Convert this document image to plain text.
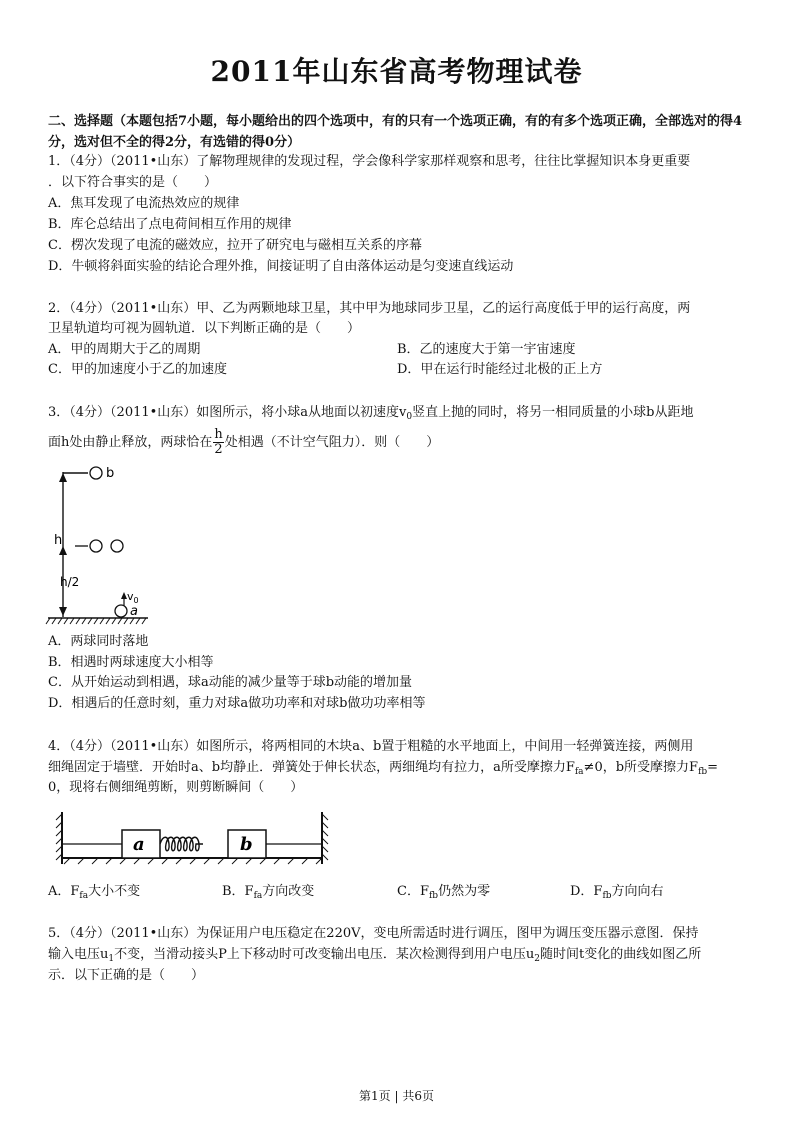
2011年山东省高考物理试卷
二、选择题（本题包括7小题，每小题给出的四个选项中，有的只有一个选项正确，有的有多个选项正确，全部选对的得4分，选对但不全的得2分，有选错的得0分）
1．（4分）（2011•山东）了解物理规律的发现过程，学会像科学家那样观察和思考，往往比掌握知识本身更重要
．以下符合事实的是（　　）
A．焦耳发现了电流热效应的规律
B．库仑总结出了点电荷间相互作用的规律
C．楞次发现了电流的磁效应，拉开了研究电与磁相互关系的序幕
D．牛顿将斜面实验的结论合理外推，间接证明了自由落体运动是匀变速直线运动
2．（4分）（2011•山东）甲、乙为两颗地球卫星，其中甲为地球同步卫星，乙的运行高度低于甲的运行高度，两
卫星轨道均可视为圆轨道．以下判断正确的是（　　）
A．甲的周期大于乙的周期	B．乙的速度大于第一宇宙速度
C．甲的加速度小于乙的加速度	D．甲在运行时能经过北极的正上方
3．（4分）（2011•山东）如图所示，将小球a从地面以初速度$v_0$竖直上抛的同时，将另一相同质量的小球b从距地
面h处由静止释放，两球恰在 $\frac{h}{2}$ 处相遇（不计空气阻力）．则（　　）
b
h
h/2
$v_0$
a
A．两球同时落地
B．相遇时两球速度大小相等
C．从开始运动到相遇，球a动能的减少量等于球b动能的增加量
D．相遇后的任意时刻，重力对球a做功功率和对球b做功功率相等
4．（4分）（2011•山东）如图所示，将两相同的木块a、b置于粗糙的水平地面上，中间用一轻弹簧连接，两侧用
细绳固定于墙壁．开始时a、b均静止．弹簧处于伸长状态，两细绳均有拉力，a所受摩擦力$F_{fa}\ne 0$，b所受摩擦力$F_{fb}=$
0，现将右侧细绳剪断，则剪断瞬间（　　）
a	b
A．$F_{fa}$大小不变	B．$F_{fa}$方向改变	C．$F_{fb}$仍然为零	D．$F_{fb}$方向向右
5．（4分）（2011•山东）为保证用户电压稳定在220V，变电所需适时进行调压，图甲为调压变压器示意图．保持
输入电压$u_1$不变，当滑动接头P上下移动时可改变输出电压．某次检测得到用户电压$u_2$随时间t变化的曲线如图乙所
示．以下正确的是（　　）
第1页 | 共6页
